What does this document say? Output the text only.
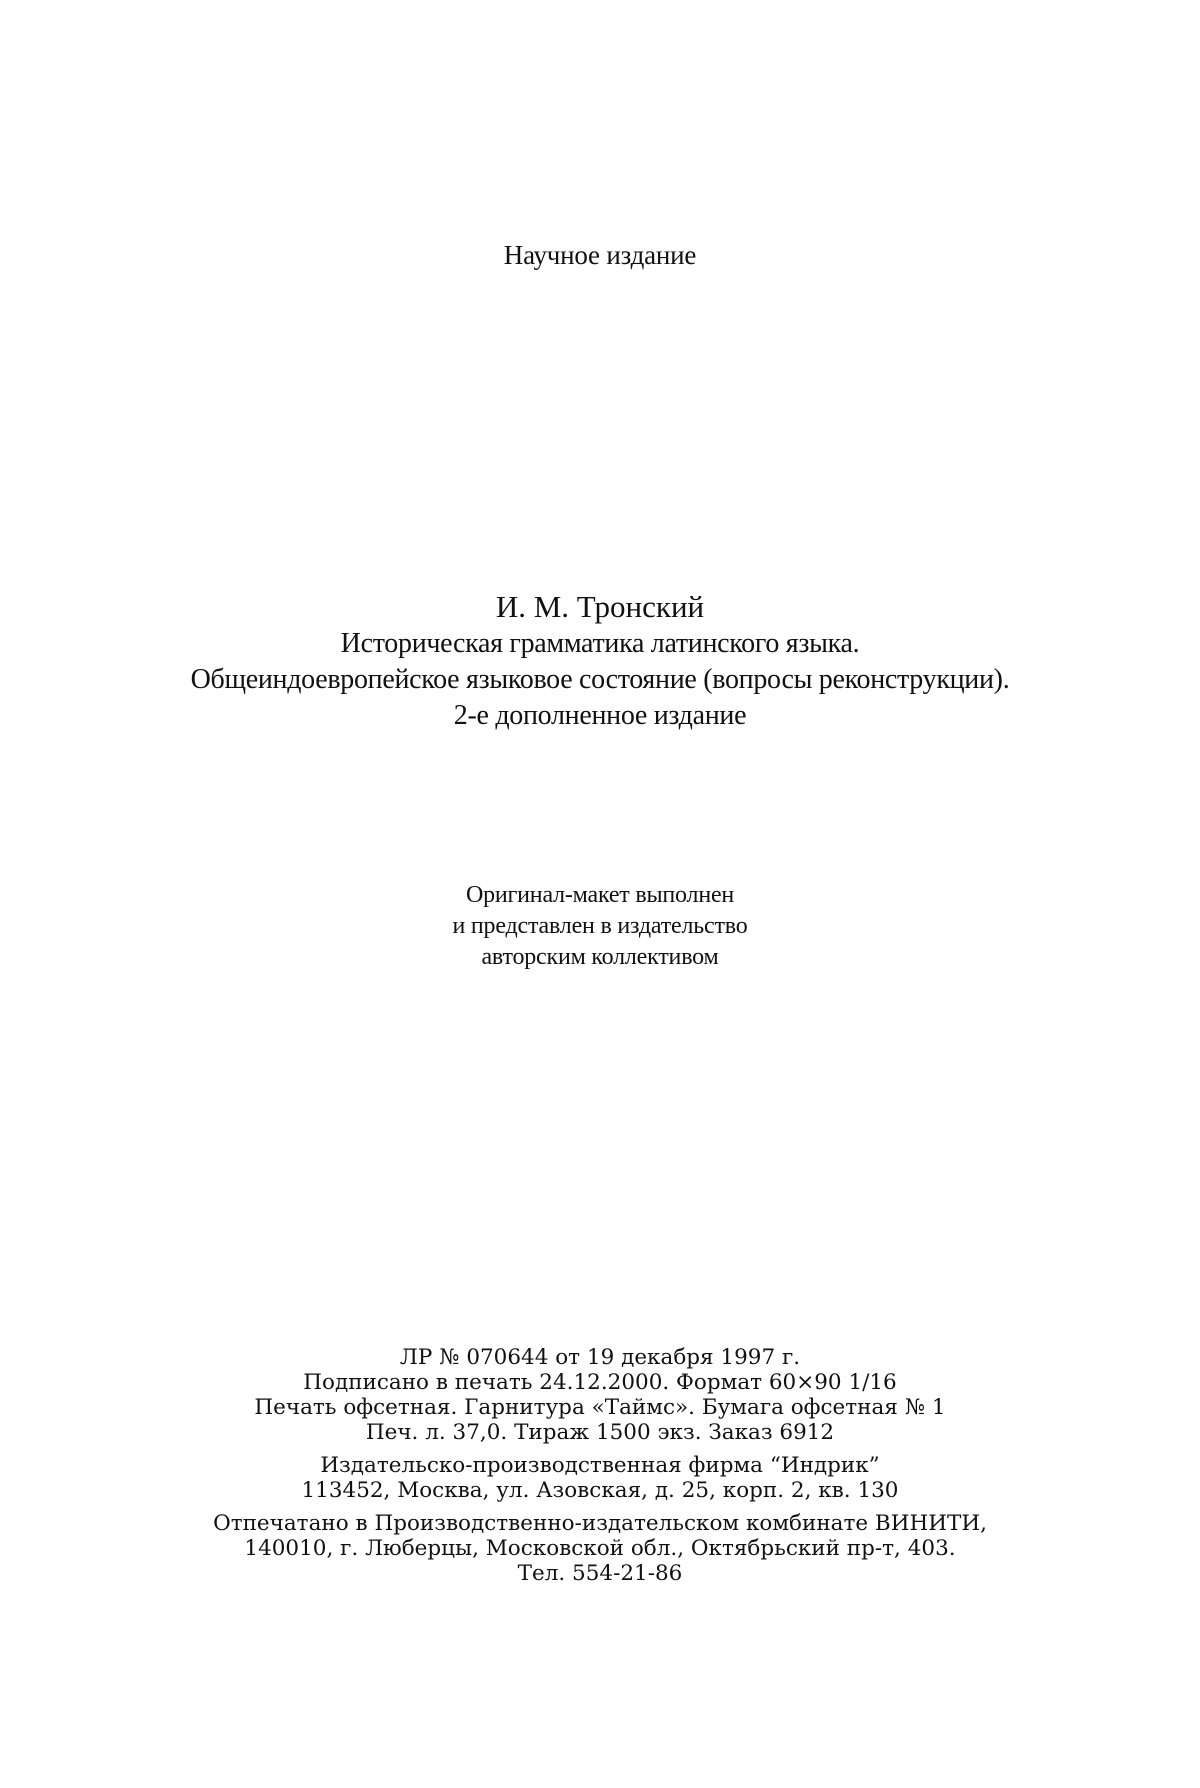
Научное издание
И. М. Тронский
Историческая грамматика латинского языка.
Общеиндоевропейское языковое состояние (вопросы реконструкции).
2-е дополненное издание
Оригинал-макет выполнен
и представлен в издательство
авторским коллективом
ЛР № 070644 от 19 декабря 1997 г.
Подписано в печать 24.12.2000. Формат 60×90 1/16
Печать офсетная. Гарнитура «Таймс». Бумага офсетная № 1
Печ. л. 37,0. Тираж 1500 экз. Заказ 6912
Издательско-производственная фирма “Индрик”
113452, Москва, ул. Азовская, д. 25, корп. 2, кв. 130
Отпечатано в Производственно-издательском комбинате ВИНИТИ,
140010, г. Люберцы, Московской обл., Октябрьский пр-т, 403.
Тел. 554-21-86
